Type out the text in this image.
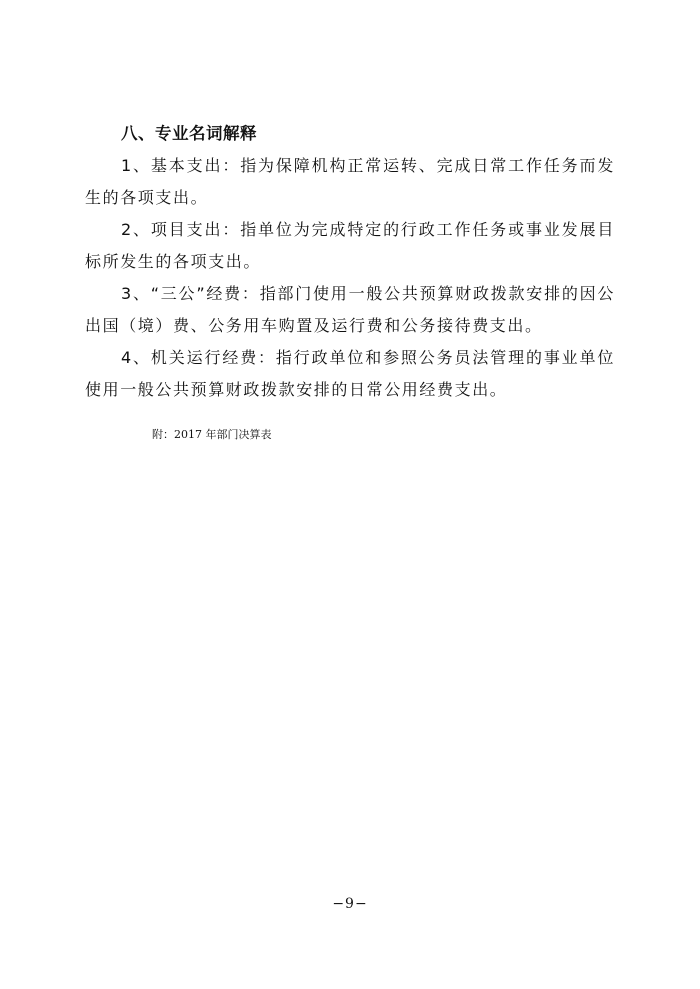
八、专业名词解释

1、基本支出：指为保障机构正常运转、完成日常工作任务而发生的各项支出。

2、项目支出：指单位为完成特定的行政工作任务或事业发展目标所发生的各项支出。

3、“三公”经费：指部门使用一般公共预算财政拨款安排的因公出国（境）费、公务用车购置及运行费和公务接待费支出。

4、机关运行经费：指行政单位和参照公务员法管理的事业单位使用一般公共预算财政拨款安排的日常公用经费支出。

附：2017 年部门决算表
−9−
